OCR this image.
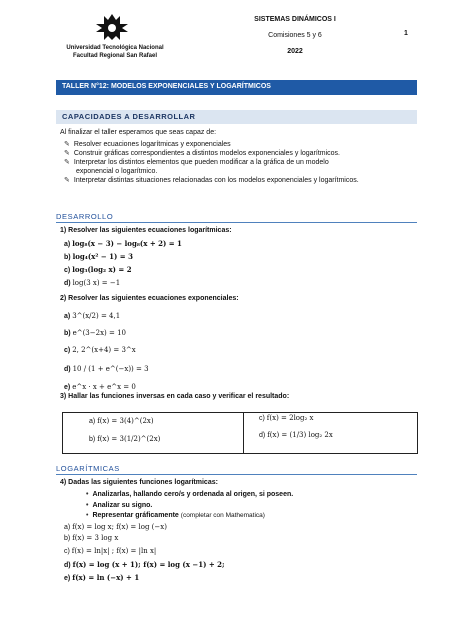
Universidad Tecnológica Nacional
Facultad Regional San Rafael
SISTEMAS DINÁMICOS I
Comisiones 5 y 6
2022
1
TALLER N°12: MODELOS EXPONENCIALES Y LOGARÍTMICOS
CAPACIDADES A DESARROLLAR
Al finalizar el taller esperamos que seas capaz de:
✎ Resolver ecuaciones logarítmicas y exponenciales
✎ Construir gráficas correspondientes a distintos modelos exponenciales y logarítmicos.
✎ Interpretar los distintos elementos que pueden modificar a la gráfica de un modelo
exponencial o logarítmico.
✎ Interpretar distintas situaciones relacionadas con los modelos exponenciales y logarítmicos.
DESARROLLO
1) Resolver las siguientes ecuaciones logarítmicas:
a) log₈(x − 3) − log₈(x + 2) = 1
b) log₄(x² − 1) = 3
c) log₃(log₂ x) = 2
d) log(3 x) = −1
2) Resolver las siguientes ecuaciones exponenciales:
a) 3^(x/2) = 4,1
b) e^(3−2x) = 10
c) 2, 2^(x+4) = 3^x
d) 10 / (1 + e^(−x)) = 3
e) e^x · x + e^x = 0
3) Hallar las funciones inversas en cada caso y verificar el resultado:
a) f(x) = 3(4)^(2x)
b) f(x) = 3(1/2)^(2x)
c) f(x) = 2log₂ x
d) f(x) = (1/3) log₂ 2x
LOGARÍTMICAS
4) Dadas las siguientes funciones logarítmicas:
• Analizarlas, hallando cero/s y ordenada al origen, si poseen.
• Analizar su signo.
• Representar gráficamente (completar con Mathematica)
a) f(x) = log x; f(x) = log (−x)
b) f(x) = 3 log x
c) f(x) = ln|x| ; f(x) = |ln x|
d) f(x) = log (x + 1); f(x) = log (x −1) + 2;
e) f(x) = ln (−x) + 1
